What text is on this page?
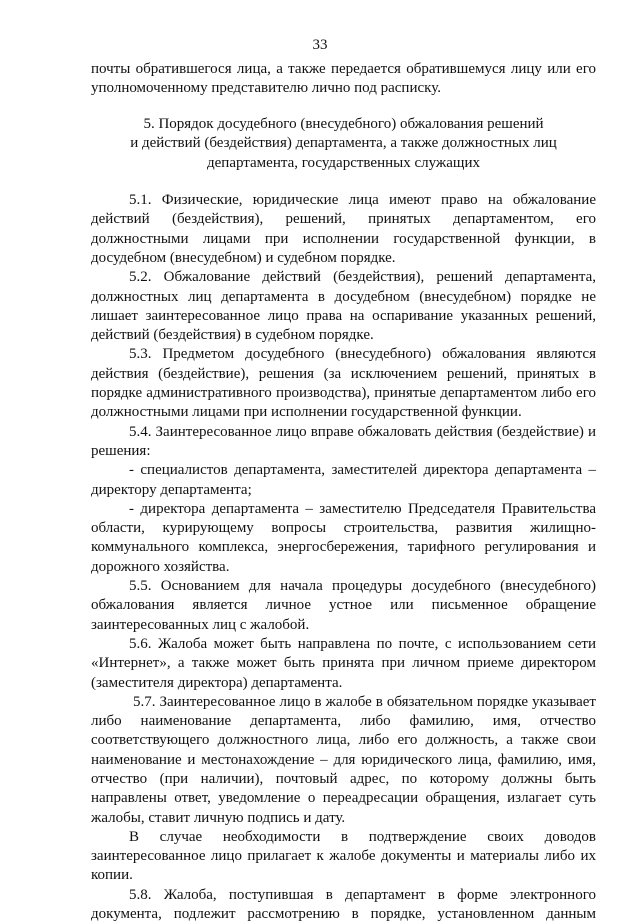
33

почты обратившегося лица, а также передается обратившемуся лицу или его уполномоченному представителю лично под расписку.

5. Порядок досудебного (внесудебного) обжалования решений
и действий (бездействия) департамента, а также должностных лиц
департамента, государственных служащих

5.1. Физические, юридические лица имеют право на обжалование действий (бездействия), решений, принятых департаментом, его должностными лицами при исполнении государственной функции, в досудебном (внесудебном) и судебном порядке.

5.2. Обжалование действий (бездействия), решений департамента, должностных лиц департамента в досудебном (внесудебном) порядке не лишает заинтересованное лицо права на оспаривание указанных решений, действий (бездействия) в судебном порядке.

5.3. Предметом досудебного (внесудебного) обжалования являются действия (бездействие), решения (за исключением решений, принятых в порядке административного производства), принятые департаментом либо его должностными лицами при исполнении государственной функции.

5.4. Заинтересованное лицо вправе обжаловать действия (бездействие) и решения:

- специалистов департамента, заместителей директора департамента – директору департамента;

- директора департамента – заместителю Председателя Правительства области, курирующему вопросы строительства, развития жилищно-коммунального комплекса, энергосбережения, тарифного регулирования и дорожного хозяйства.

5.5. Основанием для начала процедуры досудебного (внесудебного) обжалования является личное устное или письменное обращение заинтересованных лиц с жалобой.

5.6. Жалоба может быть направлена по почте, с использованием сети «Интернет», а также может быть принята при личном приеме директором (заместителя директора) департамента.

5.7. Заинтересованное лицо в жалобе в обязательном порядке указывает либо наименование департамента, либо фамилию, имя, отчество соответствующего должностного лица, либо его должность, а также свои наименование и местонахождение – для юридического лица, фамилию, имя, отчество (при наличии), почтовый адрес, по которому должны быть направлены ответ, уведомление о переадресации обращения, излагает суть жалобы, ставит личную подпись и дату.

В случае необходимости в подтверждение своих доводов заинтересованное лицо прилагает к жалобе документы и материалы либо их копии.

5.8. Жалоба, поступившая в департамент в форме электронного документа, подлежит рассмотрению в порядке, установленном данным
